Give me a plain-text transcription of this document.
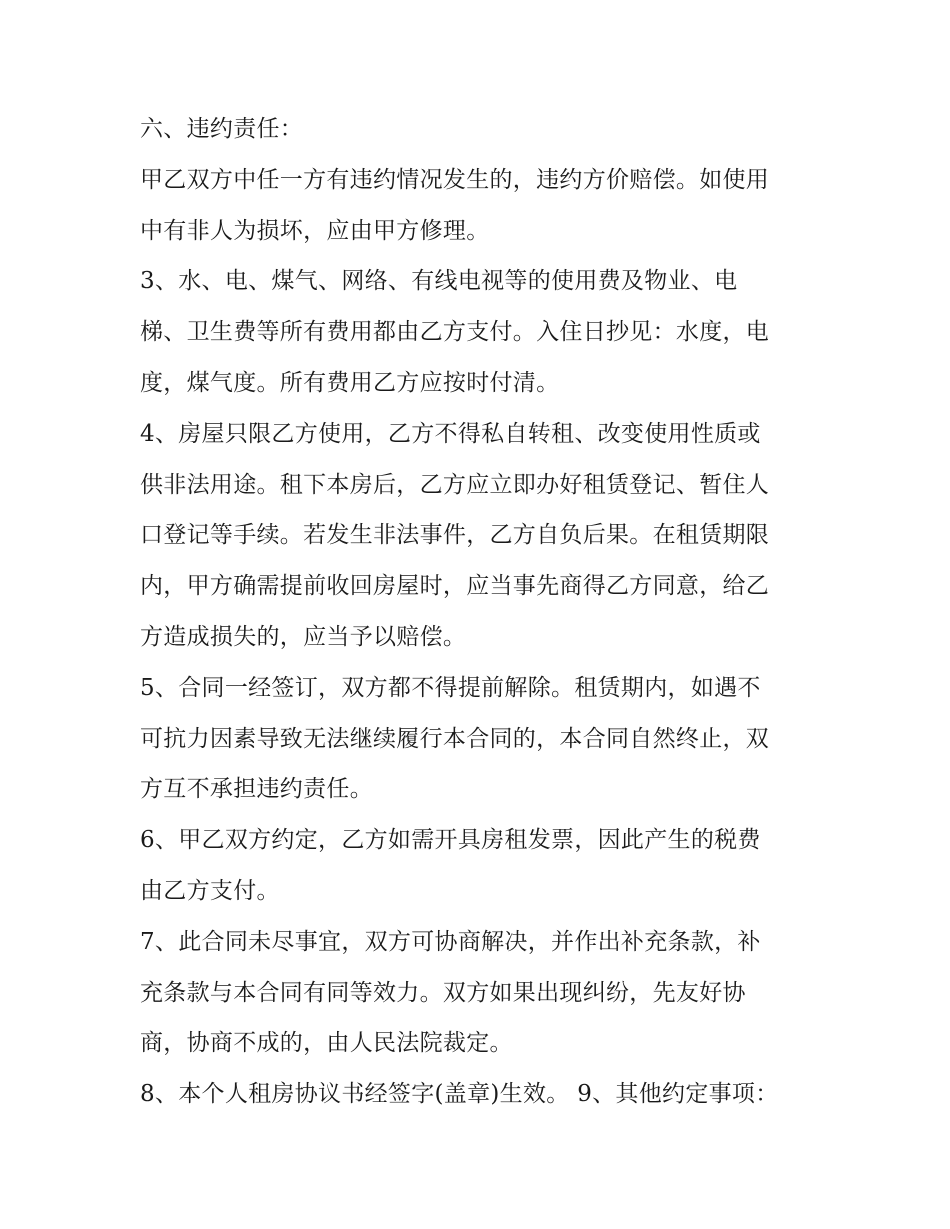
六、违约责任：
甲乙双方中任一方有违约情况发生的，违约方价赔偿。如使用
中有非人为损坏，应由甲方修理。
3、水、电、煤气、网络、有线电视等的使用费及物业、电
梯、卫生费等所有费用都由乙方支付。入住日抄见：水度，电
度，煤气度。所有费用乙方应按时付清。
4、房屋只限乙方使用，乙方不得私自转租、改变使用性质或
供非法用途。租下本房后，乙方应立即办好租赁登记、暂住人
口登记等手续。若发生非法事件，乙方自负后果。在租赁期限
内，甲方确需提前收回房屋时，应当事先商得乙方同意，给乙
方造成损失的，应当予以赔偿。
5、合同一经签订，双方都不得提前解除。租赁期内，如遇不
可抗力因素导致无法继续履行本合同的，本合同自然终止，双
方互不承担违约责任。
6、甲乙双方约定，乙方如需开具房租发票，因此产生的税费
由乙方支付。
7、此合同未尽事宜，双方可协商解决，并作出补充条款，补
充条款与本合同有同等效力。双方如果出现纠纷，先友好协
商，协商不成的，由人民法院裁定。
8、本个人租房协议书经签字(盖章)生效。 9、其他约定事项：
